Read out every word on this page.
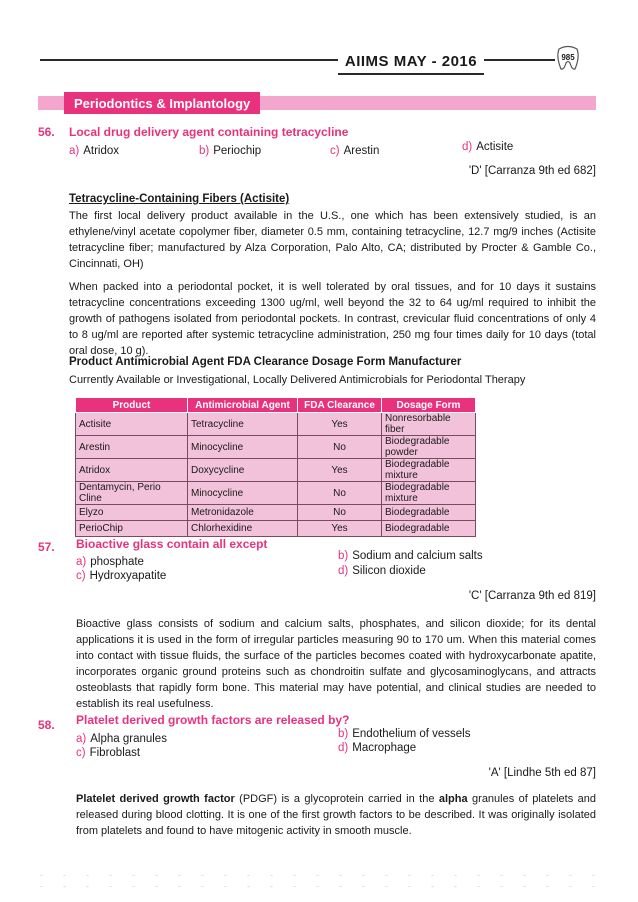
AIIMS MAY - 2016	985
Periodontics & Implantology
56. Local drug delivery agent containing tetracycline
a) Atridox	b) Periochip	c) Arestin	d) Actisite
'D' [Carranza 9th ed 682]
Tetracycline-Containing Fibers (Actisite)
The first local delivery product available in the U.S., one which has been extensively studied, is an ethylene/vinyl acetate copolymer fiber, diameter 0.5 mm, containing tetracycline, 12.7 mg/9 inches (Actisite tetracycline fiber; manufactured by Alza Corporation, Palo Alto, CA; distributed by Procter & Gamble Co., Cincinnati, OH)
When packed into a periodontal pocket, it is well tolerated by oral tissues, and for 10 days it sustains tetracycline concentrations exceeding 1300 ug/ml, well beyond the 32 to 64 ug/ml required to inhibit the growth of pathogens isolated from periodontal pockets. In contrast, crevicular fluid concentrations of only 4 to 8 ug/ml are reported after systemic tetracycline administration, 250 mg four times daily for 10 days (total oral dose, 10 g).
Product Antimicrobial Agent FDA Clearance Dosage Form Manufacturer
Currently Available or Investigational, Locally Delivered Antimicrobials for Periodontal Therapy
Product	Antimicrobial Agent	FDA Clearance	Dosage Form
Actisite	Tetracycline	Yes	Nonresorbable fiber
Arestin	Minocycline	No	Biodegradable powder
Atridox	Doxycycline	Yes	Biodegradable mixture
Dentamycin, Perio Cline	Minocycline	No	Biodegradable mixture
Elyzo	Metronidazole	No	Biodegradable
PerioChip	Chlorhexidine	Yes	Biodegradable
57. Bioactive glass contain all except
a) phosphate	b) Sodium and calcium salts
c) Hydroxyapatite	d) Silicon dioxide
'C' [Carranza 9th ed 819]
Bioactive glass consists of sodium and calcium salts, phosphates, and silicon dioxide; for its dental applications it is used in the form of irregular particles measuring 90 to 170 um. When this material comes into contact with tissue fluids, the surface of the particles becomes coated with hydroxycarbonate apatite, incorporates organic ground proteins such as chondroitin sulfate and glycosaminoglycans, and attracts osteoblasts that rapidly form bone. This material may have potential, and clinical studies are needed to establish its real usefulness.
58. Platelet derived growth factors are released by?
a) Alpha granules	b) Endothelium of vessels
c) Fibroblast	d) Macrophage
'A' [Lindhe 5th ed 87]
Platelet derived growth factor (PDGF) is a glycoprotein carried in the alpha granules of platelets and released during blood clotting. It is one of the first growth factors to be described. It was originally isolated from platelets and found to have mitogenic activity in smooth muscle.
